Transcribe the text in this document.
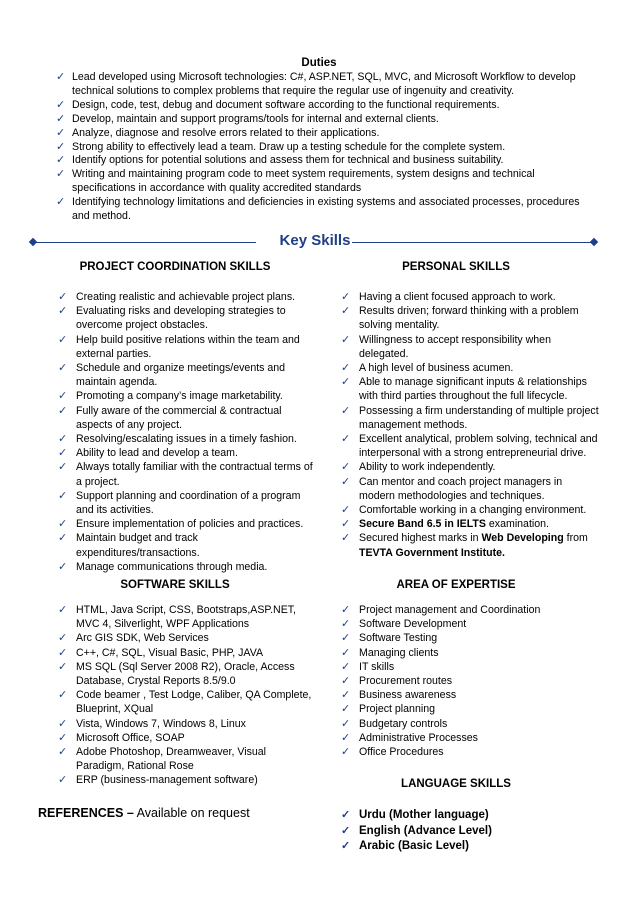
Duties
✓ Lead developed using Microsoft technologies: C#, ASP.NET, SQL, MVC, and Microsoft Workflow to develop technical solutions to complex problems that require the regular use of ingenuity and creativity.
✓ Design, code, test, debug and document software according to the functional requirements.
✓ Develop, maintain and support programs/tools for internal and external clients.
✓ Analyze, diagnose and resolve errors related to their applications.
✓ Strong ability to effectively lead a team. Draw up a testing schedule for the complete system.
✓ Identify options for potential solutions and assess them for technical and business suitability.
✓ Writing and maintaining program code to meet system requirements, system designs and technical specifications in accordance with quality accredited standards
✓ Identifying technology limitations and deficiencies in existing systems and associated processes, procedures and method.
Key Skills
PROJECT COORDINATION SKILLS
✓ Creating realistic and achievable project plans.
✓ Evaluating risks and developing strategies to overcome project obstacles.
✓ Help build positive relations within the team and external parties.
✓ Schedule and organize meetings/events and maintain agenda.
✓ Promoting a company’s image marketability.
✓ Fully aware of the commercial & contractual aspects of any project.
✓ Resolving/escalating issues in a timely fashion.
✓ Ability to lead and develop a team.
✓ Always totally familiar with the contractual terms of a project.
✓ Support planning and coordination of a program and its activities.
✓ Ensure implementation of policies and practices.
✓ Maintain budget and track expenditures/transactions.
✓ Manage communications through media.
PERSONAL SKILLS
✓ Having a client focused approach to work.
✓ Results driven; forward thinking with a problem solving mentality.
✓ Willingness to accept responsibility when delegated.
✓ A high level of business acumen.
✓ Able to manage significant inputs & relationships with third parties throughout the full lifecycle.
✓ Possessing a firm understanding of multiple project management methods.
✓ Excellent analytical, problem solving, technical and interpersonal with a strong entrepreneurial drive.
✓ Ability to work independently.
✓ Can mentor and coach project managers in modern methodologies and techniques.
✓ Comfortable working in a changing environment.
✓ Secure Band 6.5 in IELTS examination.
✓ Secured highest marks in Web Developing from TEVTA Government Institute.
SOFTWARE SKILLS
✓ HTML, Java Script, CSS, Bootstraps,ASP.NET, MVC 4, Silverlight, WPF Applications
✓ Arc GIS SDK, Web Services
✓ C++, C#, SQL, Visual Basic, PHP, JAVA
✓ MS SQL (Sql Server 2008 R2), Oracle, Access Database, Crystal Reports 8.5/9.0
✓ Code beamer , Test Lodge, Caliber, QA Complete, Blueprint, XQual
✓ Vista, Windows 7, Windows 8, Linux
✓ Microsoft Office, SOAP
✓ Adobe Photoshop, Dreamweaver, Visual Paradigm, Rational Rose
✓ ERP (business-management software)
AREA OF EXPERTISE
✓ Project management and Coordination
✓ Software Development
✓ Software Testing
✓ Managing clients
✓ IT skills
✓ Procurement routes
✓ Business awareness
✓ Project planning
✓ Budgetary controls
✓ Administrative Processes
✓ Office Procedures
LANGUAGE SKILLS
✓ Urdu (Mother language)
✓ English (Advance Level)
✓ Arabic (Basic Level)
REFERENCES – Available on request
